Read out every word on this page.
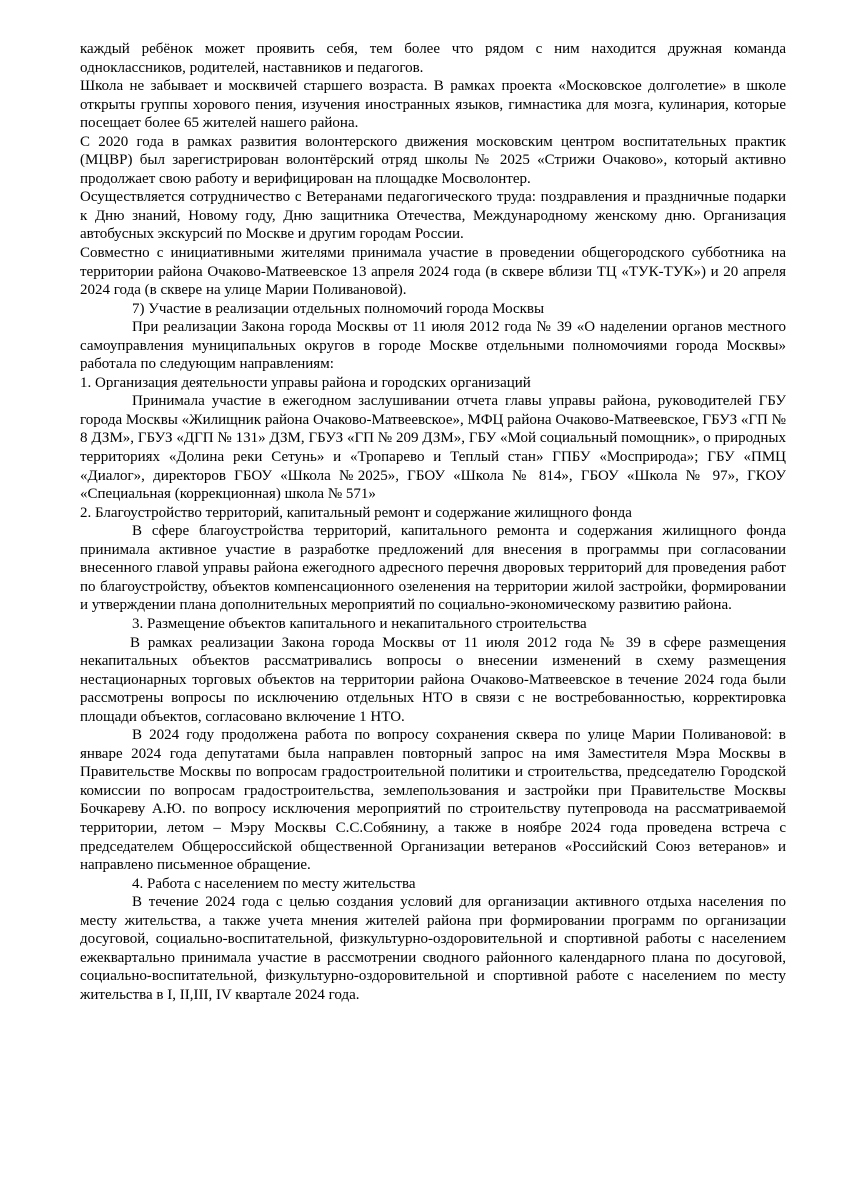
каждый ребёнок может проявить себя, тем более что рядом с ним находится дружная команда одноклассников, родителей, наставников и педагогов.

Школа не забывает и москвичей старшего возраста. В рамках проекта «Московское долголетие» в школе открыты группы хорового пения, изучения иностранных языков, гимнастика для мозга, кулинария, которые посещает более 65 жителей нашего района.

С 2020 года в рамках развития волонтерского движения московским центром воспитательных практик (МЦВР) был зарегистрирован волонтёрский отряд школы № 2025 «Стрижи Очаково», который активно продолжает свою работу и верифицирован на площадке Мосволонтер.

Осуществляется сотрудничество с Ветеранами педагогического труда: поздравления и праздничные подарки к Дню знаний, Новому году, Дню защитника Отечества, Международному женскому дню. Организация автобусных экскурсий по Москве и другим городам России.

Совместно с инициативными жителями принимала участие в проведении общегородского субботника на территории района Очаково-Матвеевское 13 апреля 2024 года (в сквере вблизи ТЦ «ТУК-ТУК») и 20 апреля 2024 года (в сквере на улице Марии Поливановой).

7) Участие в реализации отдельных полномочий города Москвы

При реализации Закона города Москвы от 11 июля 2012 года № 39 «О наделении органов местного самоуправления муниципальных округов в городе Москве отдельными полномочиями города Москвы» работала по следующим направлениям:

1. Организация деятельности управы района и городских организаций

Принимала участие в ежегодном заслушивании отчета главы управы района, руководителей ГБУ города Москвы «Жилищник района Очаково-Матвеевское», МФЦ района Очаково-Матвеевское, ГБУЗ «ГП № 8 ДЗМ», ГБУЗ «ДГП № 131» ДЗМ, ГБУЗ «ГП № 209 ДЗМ», ГБУ «Мой социальный помощник», о природных территориях «Долина реки Сетунь» и «Тропарево и Теплый стан» ГПБУ «Мосприрода»; ГБУ «ПМЦ «Диалог», директоров ГБОУ «Школа №2025», ГБОУ «Школа № 814», ГБОУ «Школа № 97», ГКОУ «Специальная (коррекционная) школа № 571»

2. Благоустройство территорий, капитальный ремонт и содержание жилищного фонда

В сфере благоустройства территорий, капитального ремонта и содержания жилищного фонда принимала активное участие в разработке предложений для внесения в программы при согласовании внесенного главой управы района ежегодного адресного перечня дворовых территорий для проведения работ по благоустройству, объектов компенсационного озеленения на территории жилой застройки, формировании и утверждении плана дополнительных мероприятий по социально-экономическому развитию района.

3. Размещение объектов капитального и некапитального строительства

В рамках реализации Закона города Москвы от 11 июля 2012 года № 39 в сфере размещения некапитальных объектов рассматривались вопросы о внесении изменений в схему размещения нестационарных торговых объектов на территории района Очаково-Матвеевское в течение 2024 года были рассмотрены вопросы по исключению отдельных НТО в связи с не востребованностью, корректировка площади объектов, согласовано включение 1 НТО.

В 2024 году продолжена работа по вопросу сохранения сквера по улице Марии Поливановой: в январе 2024 года депутатами была направлен повторный запрос на имя Заместителя Мэра Москвы в Правительстве Москвы по вопросам градостроительной политики и строительства, председателю Городской комиссии по вопросам градостроительства, землепользования и застройки при Правительстве Москвы Бочкареву А.Ю. по вопросу исключения мероприятий по строительству путепровода на рассматриваемой территории, летом – Мэру Москвы С.С.Собянину, а также в ноябре 2024 года проведена встреча с председателем Общероссийской общественной Организации ветеранов «Российский Союз ветеранов» и направлено письменное обращение.

4. Работа с населением по месту жительства

В течение 2024 года с целью создания условий для организации активного отдыха населения по месту жительства, а также учета мнения жителей района при формировании программ по организации досуговой, социально-воспитательной, физкультурно-оздоровительной и спортивной работы с населением ежеквартально принимала участие в рассмотрении сводного районного календарного плана по досуговой, социально-воспитательной, физкультурно-оздоровительной и спортивной работе с населением по месту жительства в I, II,III, IV квартале 2024 года.
